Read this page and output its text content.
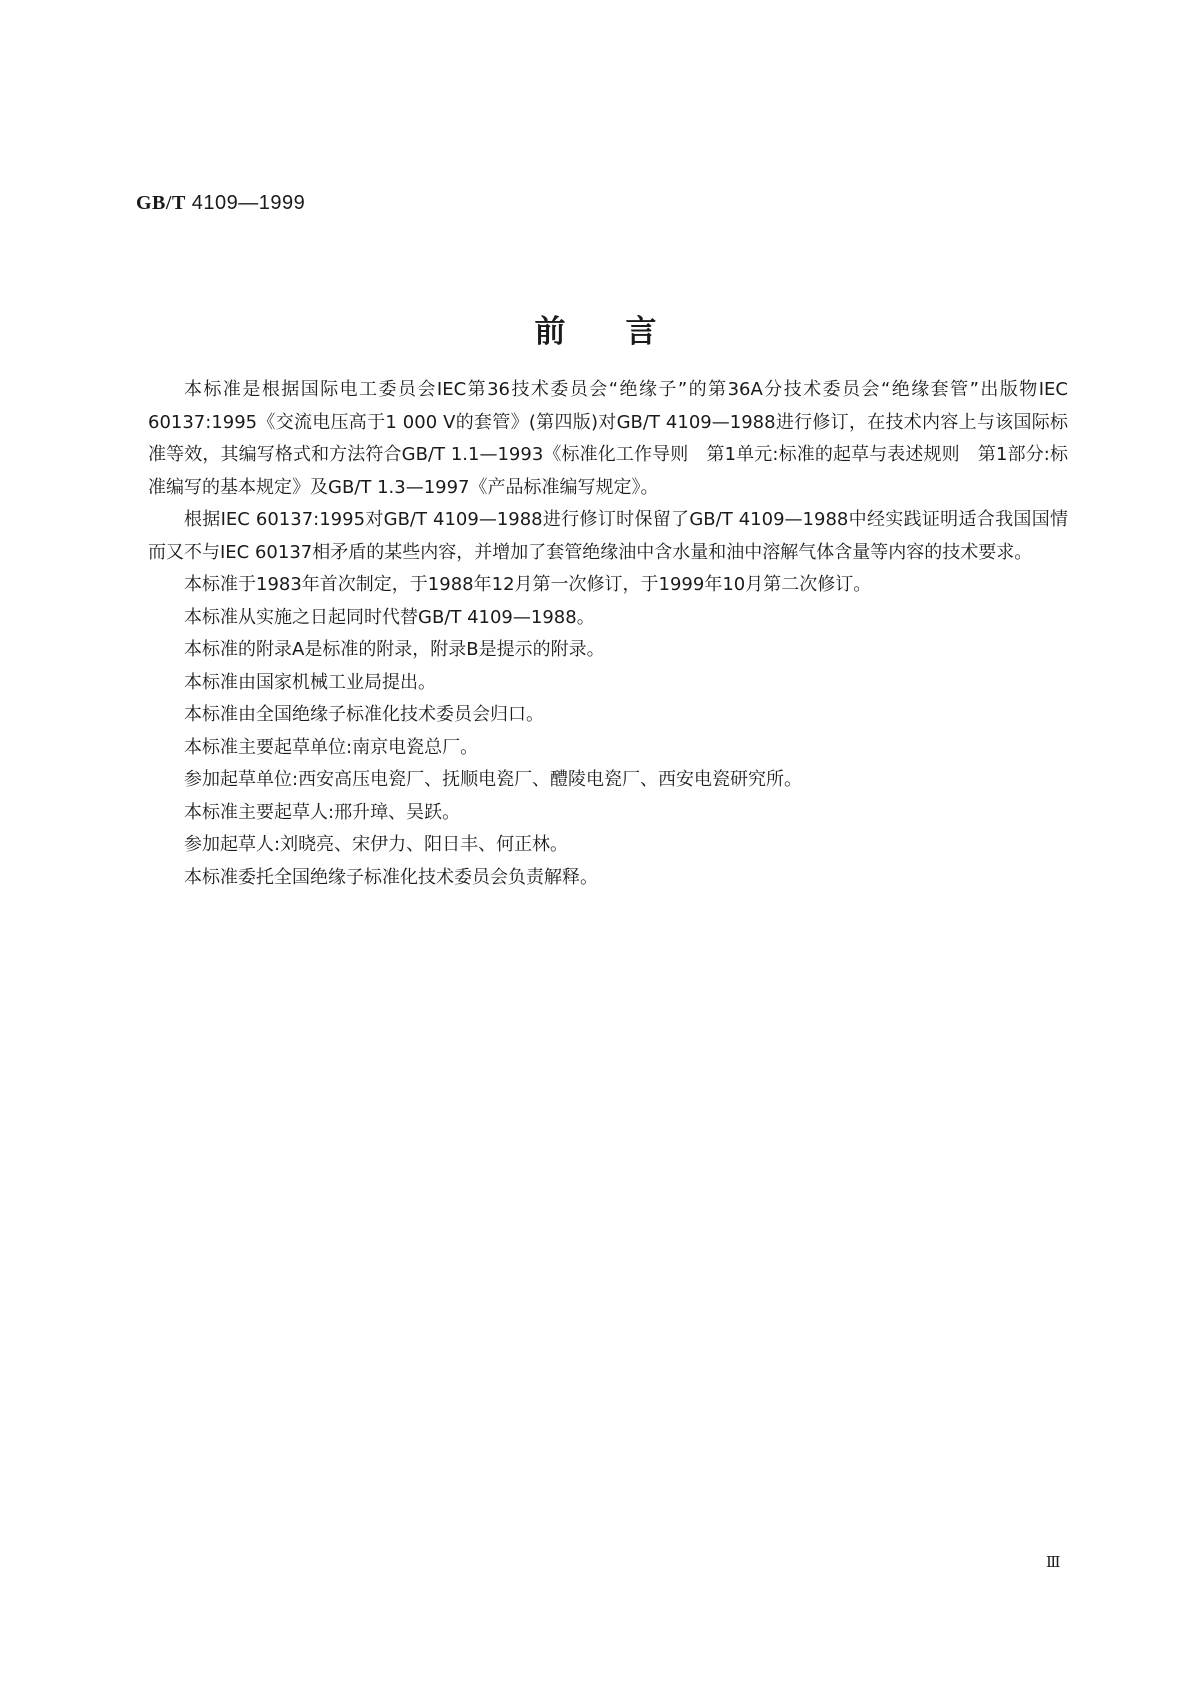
GB/T 4109—1999
前言

本标准是根据国际电工委员会IEC第36技术委员会“绝缘子”的第36A分技术委员会“绝缘套管”出版物IEC 60137:1995《交流电压高于1 000 V的套管》(第四版)对GB/T 4109—1988进行修订，在技术内容上与该国际标准等效，其编写格式和方法符合GB/T 1.1—1993《标准化工作导则　第1单元:标准的起草与表述规则　第1部分:标准编写的基本规定》及GB/T 1.3—1997《产品标准编写规定》。

根据IEC 60137:1995对GB/T 4109—1988进行修订时保留了GB/T 4109—1988中经实践证明适合我国国情而又不与IEC 60137相矛盾的某些内容，并增加了套管绝缘油中含水量和油中溶解气体含量等内容的技术要求。

本标准于1983年首次制定，于1988年12月第一次修订，于1999年10月第二次修订。

本标准从实施之日起同时代替GB/T 4109—1988。

本标准的附录A是标准的附录，附录B是提示的附录。

本标准由国家机械工业局提出。

本标准由全国绝缘子标准化技术委员会归口。

本标准主要起草单位:南京电瓷总厂。

参加起草单位:西安高压电瓷厂、抚顺电瓷厂、醴陵电瓷厂、西安电瓷研究所。

本标准主要起草人:邢升璋、吴跃。

参加起草人:刘晓亮、宋伊力、阳日丰、何正林。

本标准委托全国绝缘子标准化技术委员会负责解释。

Ⅲ
